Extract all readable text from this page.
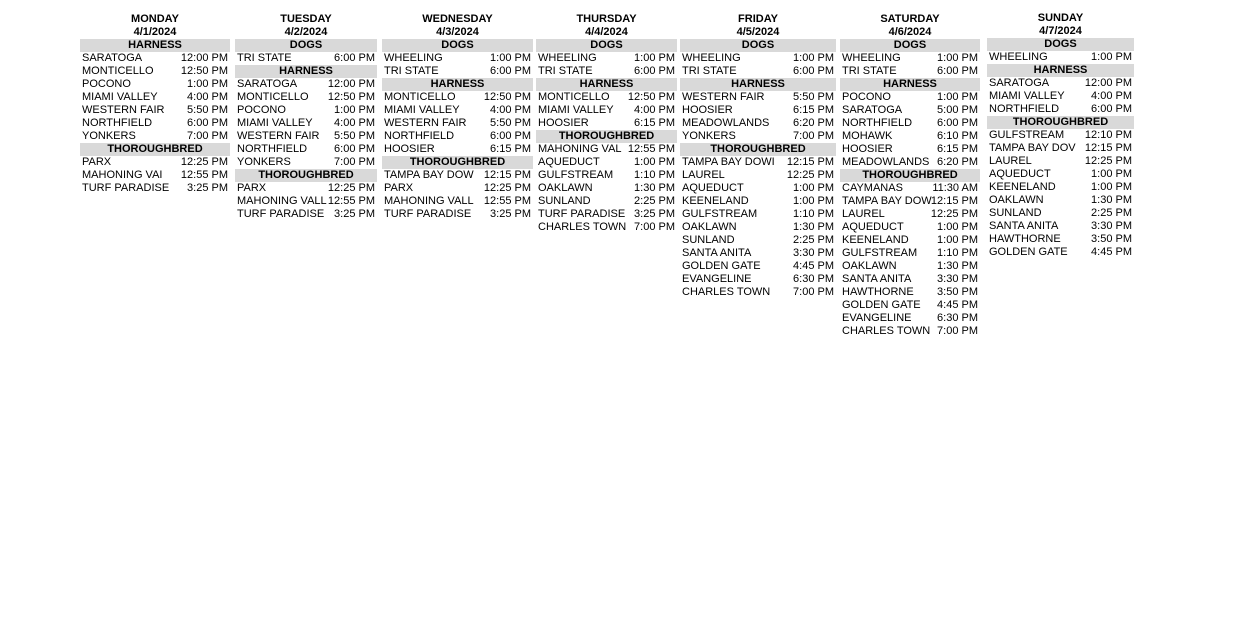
MONDAY
4/1/2024
HARNESS
SARATOGA	12:00 PM
MONTICELLO	12:50 PM
POCONO	1:00 PM
MIAMI VALLEY	4:00 PM
WESTERN FAIR	5:50 PM
NORTHFIELD	6:00 PM
YONKERS	7:00 PM
THOROUGHBRED
PARX	12:25 PM
MAHONING VAI	12:55 PM
TURF PARADISE 3:25 PM
TUESDAY
4/2/2024
DOGS
TRI STATE	6:00 PM
HARNESS
SARATOGA	12:00 PM
MONTICELLO	12:50 PM
POCONO	1:00 PM
MIAMI VALLEY	4:00 PM
WESTERN FAIR 5:50 PM
NORTHFIELD	6:00 PM
YONKERS	7:00 PM
THOROUGHBRED
PARX	12:25 PM
MAHONING VALL 12:55 PM
TURF PARADISE 3:25 PM
WEDNESDAY
4/3/2024
DOGS
WHEELING	1:00 PM
TRI STATE	6:00 PM
HARNESS
MONTICELLO	12:50 PM
MIAMI VALLEY	4:00 PM
WESTERN FAIR	5:50 PM
NORTHFIELD	6:00 PM
HOOSIER	6:15 PM
THOROUGHBRED
TAMPA BAY DOW 12:15 PM
PARX	12:25 PM
MAHONING VALL 12:55 PM
TURF PARADISE 3:25 PM
THURSDAY
4/4/2024
DOGS
WHEELING	1:00 PM
TRI STATE	6:00 PM
HARNESS
MONTICELLO	12:50 PM
MIAMI VALLEY	4:00 PM
HOOSIER	6:15 PM
THOROUGHBRED
MAHONING VAL 12:55 PM
AQUEDUCT	1:00 PM
GULFSTREAM	1:10 PM
OAKLAWN	1:30 PM
SUNLAND	2:25 PM
TURF PARADISE 3:25 PM
CHARLES TOWN 7:00 PM
FRIDAY
4/5/2024
DOGS
WHEELING	1:00 PM
TRI STATE	6:00 PM
HARNESS
WESTERN FAIR	5:50 PM
HOOSIER	6:15 PM
MEADOWLANDS	6:20 PM
YONKERS	7:00 PM
THOROUGHBRED
TAMPA BAY DOWI 12:15 PM
LAUREL	12:25 PM
AQUEDUCT	1:00 PM
KEENELAND	1:00 PM
GULFSTREAM	1:10 PM
OAKLAWN	1:30 PM
SUNLAND	2:25 PM
SANTA ANITA	3:30 PM
GOLDEN GATE	4:45 PM
EVANGELINE	6:30 PM
CHARLES TOWN	7:00 PM
SATURDAY
4/6/2024
DOGS
WHEELING	1:00 PM
TRI STATE	6:00 PM
HARNESS
POCONO	1:00 PM
SARATOGA	5:00 PM
NORTHFIELD	6:00 PM
MOHAWK	6:10 PM
HOOSIER	6:15 PM
MEADOWLANDS 6:20 PM
THOROUGHBRED
CAYMANAS	11:30 AM
TAMPA BAY DOW 12:15 PM
LAUREL	12:25 PM
AQUEDUCT	1:00 PM
KEENELAND	1:00 PM
GULFSTREAM 1:10 PM
OAKLAWN	1:30 PM
SANTA ANITA	3:30 PM
HAWTHORNE	3:50 PM
GOLDEN GATE 4:45 PM
EVANGELINE	6:30 PM
CHARLES TOWN 7:00 PM
SUNDAY
4/7/2024
DOGS
WHEELING	1:00 PM
HARNESS
SARATOGA	12:00 PM
MIAMI VALLEY	4:00 PM
NORTHFIELD	6:00 PM
THOROUGHBRED
GULFSTREAM	12:10 PM
TAMPA BAY DOV 12:15 PM
LAUREL	12:25 PM
AQUEDUCT	1:00 PM
KEENELAND	1:00 PM
OAKLAWN	1:30 PM
SUNLAND	2:25 PM
SANTA ANITA	3:30 PM
HAWTHORNE	3:50 PM
GOLDEN GATE	4:45 PM
